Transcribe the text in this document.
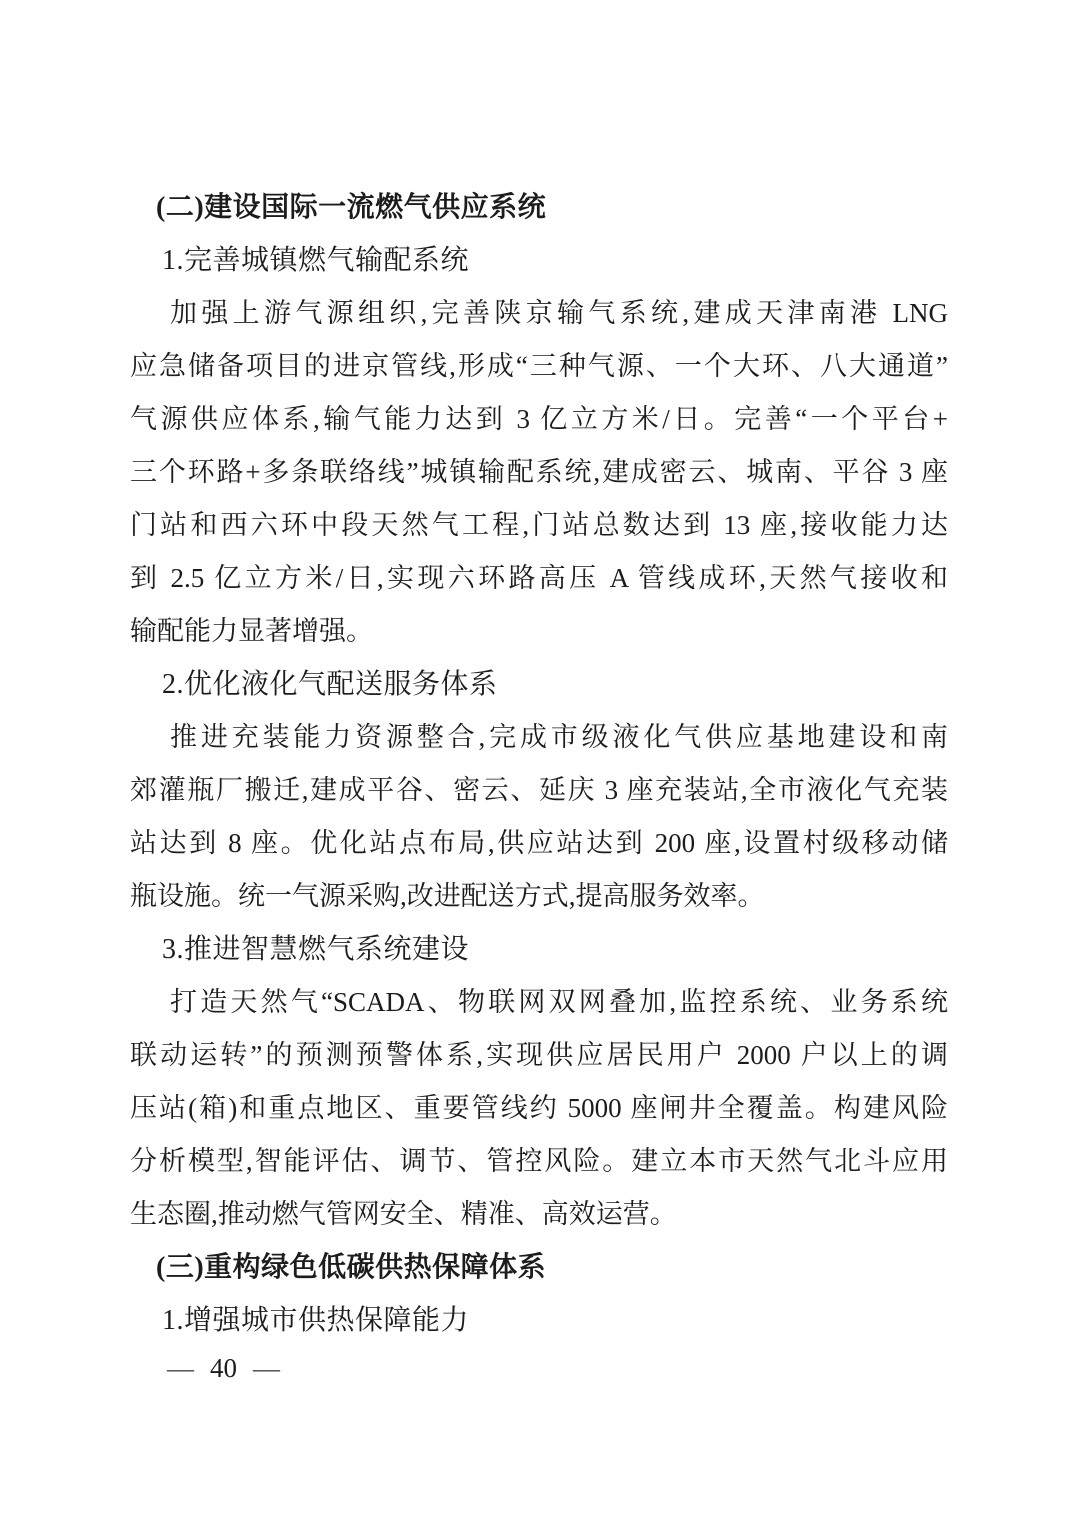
(二)建设国际一流燃气供应系统
1.完善城镇燃气输配系统
加强上游气源组织,完善陕京输气系统,建成天津南港 LNG
应急储备项目的进京管线,形成“三种气源、一个大环、八大通道”
气源供应体系,输气能力达到 3 亿立方米/日。完善“一个平台+
三个环路+多条联络线”城镇输配系统,建成密云、城南、平谷 3 座
门站和西六环中段天然气工程,门站总数达到 13 座,接收能力达
到 2.5 亿立方米/日,实现六环路高压 A 管线成环,天然气接收和
输配能力显著增强。
2.优化液化气配送服务体系
推进充装能力资源整合,完成市级液化气供应基地建设和南
郊灌瓶厂搬迁,建成平谷、密云、延庆 3 座充装站,全市液化气充装
站达到 8 座。优化站点布局,供应站达到 200 座,设置村级移动储
瓶设施。统一气源采购,改进配送方式,提高服务效率。
3.推进智慧燃气系统建设
打造天然气“SCADA、物联网双网叠加,监控系统、业务系统
联动运转”的预测预警体系,实现供应居民用户 2000 户以上的调
压站(箱)和重点地区、重要管线约 5000 座闸井全覆盖。构建风险
分析模型,智能评估、调节、管控风险。建立本市天然气北斗应用
生态圈,推动燃气管网安全、精准、高效运营。
(三)重构绿色低碳供热保障体系
1.增强城市供热保障能力
— 40 —
